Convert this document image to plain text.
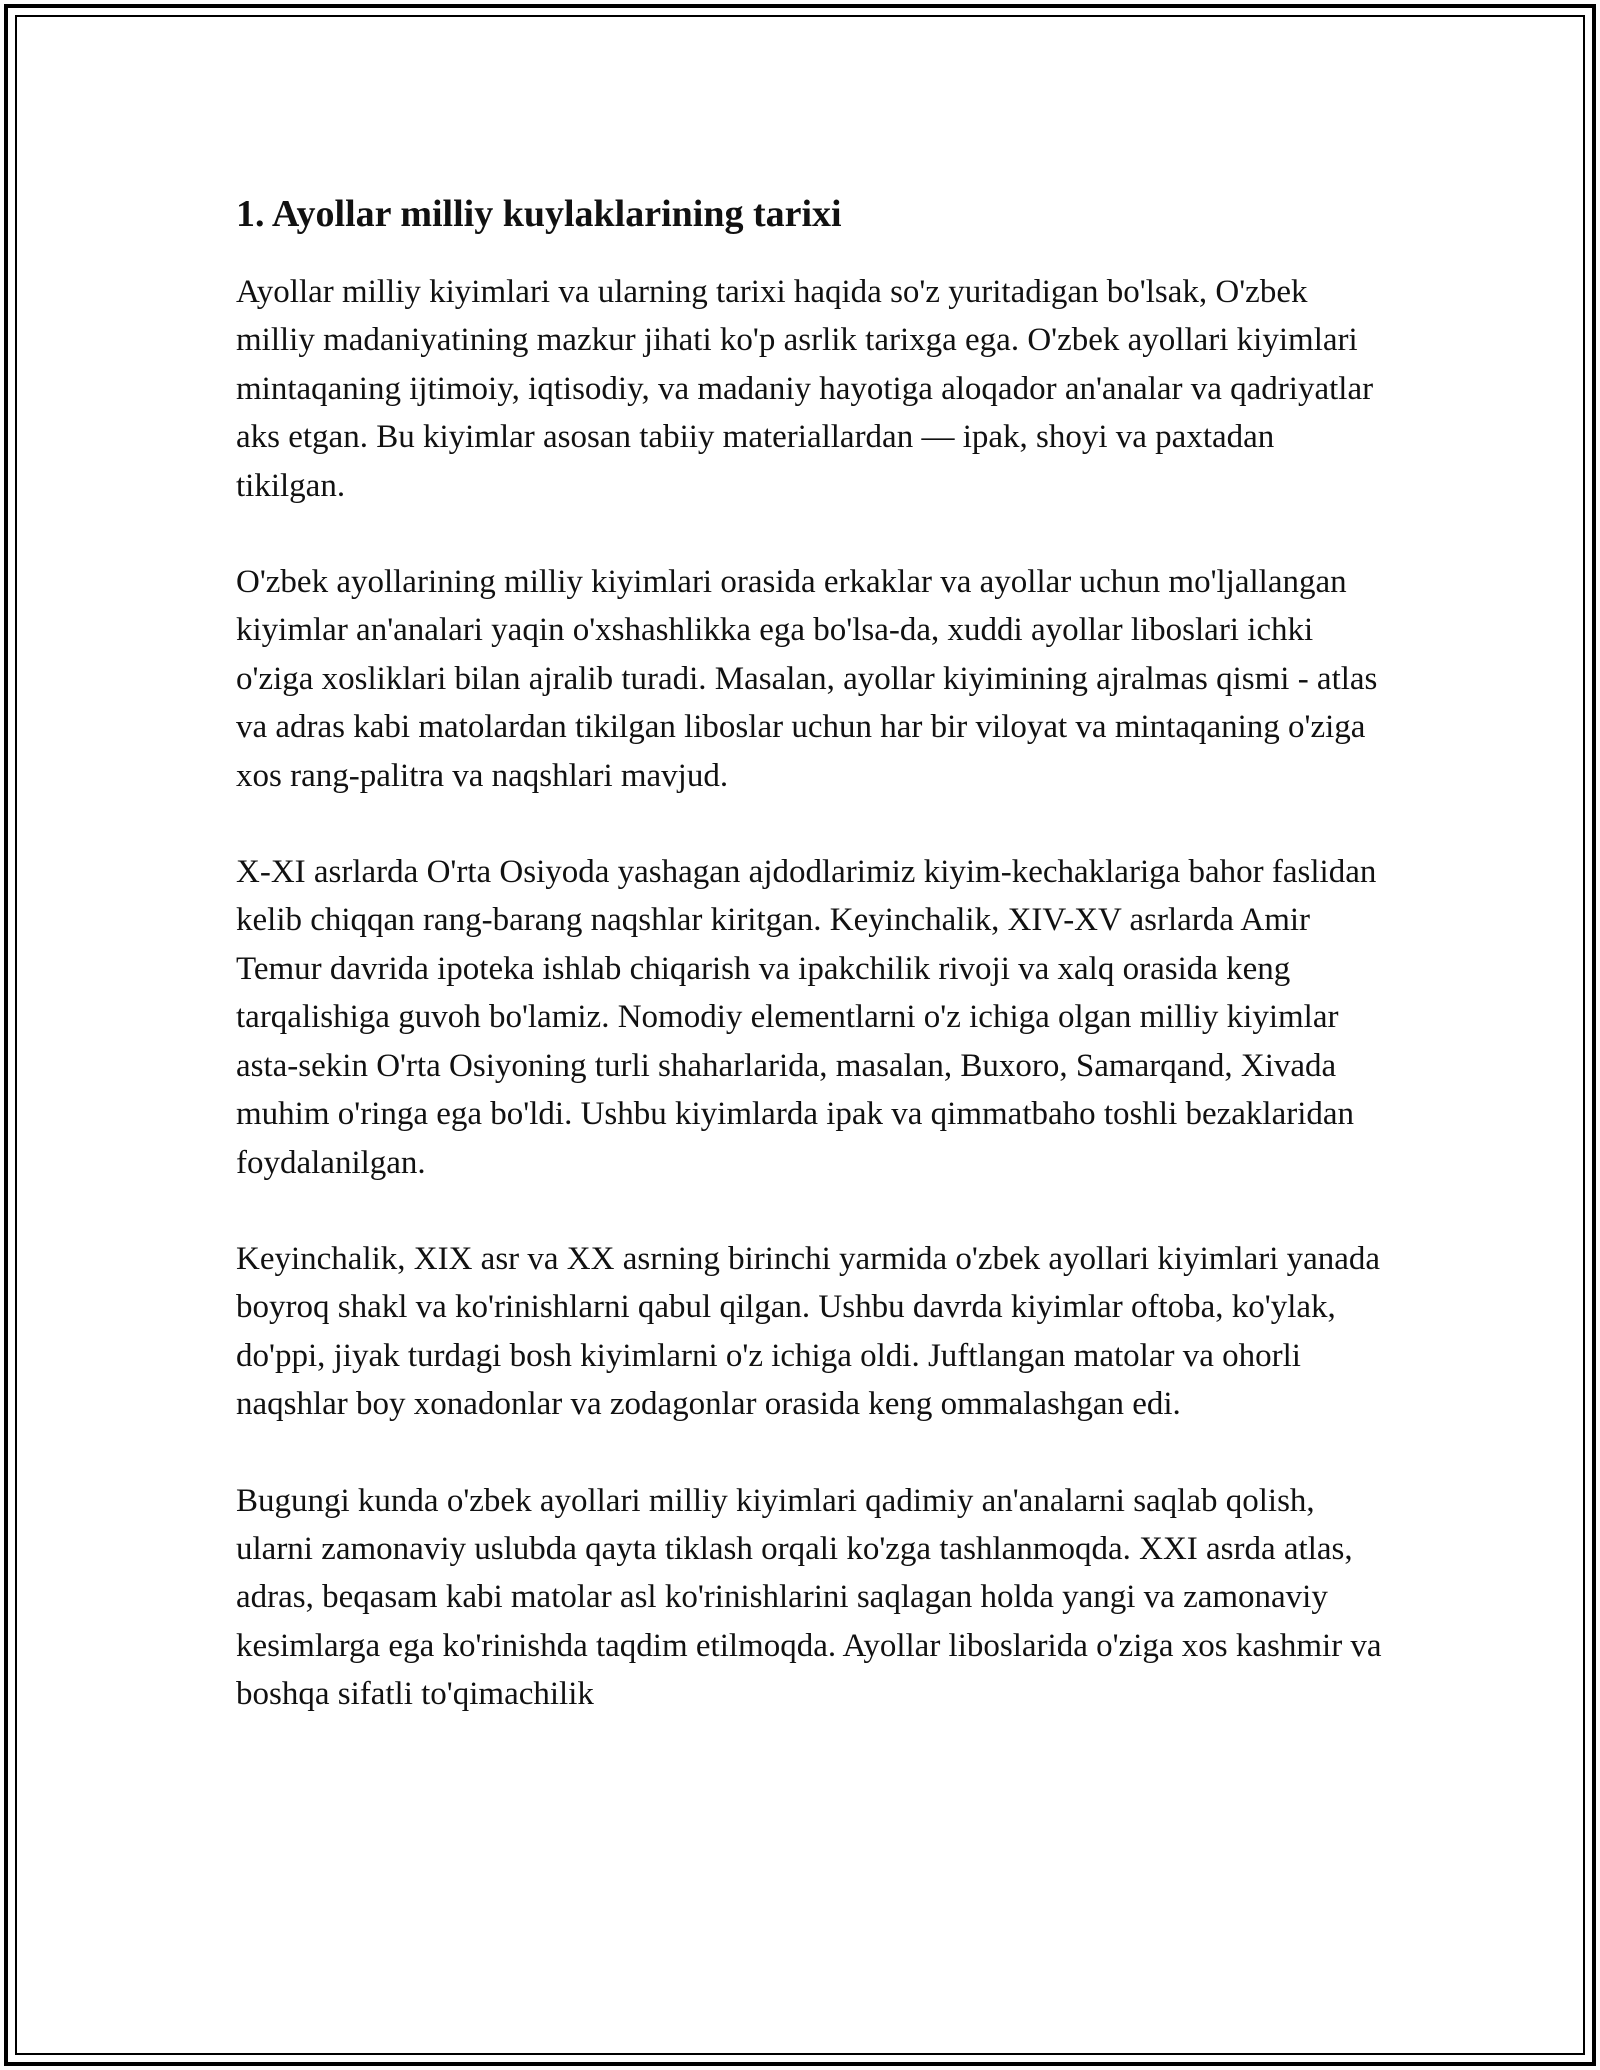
1. Ayollar milliy kuylaklarining tarixi

Ayollar milliy kiyimlari va ularning tarixi haqida so'z yuritadigan bo'lsak, O'zbek milliy madaniyatining mazkur jihati ko'p asrlik tarixga ega. O'zbek ayollari kiyimlari mintaqaning ijtimoiy, iqtisodiy, va madaniy hayotiga aloqador an'analar va qadriyatlar aks etgan. Bu kiyimlar asosan tabiiy materiallardan — ipak, shoyi va paxtadan tikilgan.

O'zbek ayollarining milliy kiyimlari orasida erkaklar va ayollar uchun mo'ljallangan kiyimlar an'analari yaqin o'xshashlikka ega bo'lsa-da, xuddi ayollar liboslari ichki o'ziga xosliklari bilan ajralib turadi. Masalan, ayollar kiyimining ajralmas qismi - atlas va adras kabi matolardan tikilgan liboslar uchun har bir viloyat va mintaqaning o'ziga xos rang-palitra va naqshlari mavjud.

X-XI asrlarda O'rta Osiyoda yashagan ajdodlarimiz kiyim-kechaklariga bahor faslidan kelib chiqqan rang-barang naqshlar kiritgan. Keyinchalik, XIV-XV asrlarda Amir Temur davrida ipoteka ishlab chiqarish va ipakchilik rivoji va xalq orasida keng tarqalishiga guvoh bo'lamiz. Nomodiy elementlarni o'z ichiga olgan milliy kiyimlar asta-sekin O'rta Osiyoning turli shaharlarida, masalan, Buxoro, Samarqand, Xivada muhim o'ringa ega bo'ldi. Ushbu kiyimlarda ipak va qimmatbaho toshli bezaklaridan foydalanilgan.

Keyinchalik, XIX asr va XX asrning birinchi yarmida o'zbek ayollari kiyimlari yanada boyroq shakl va ko'rinishlarni qabul qilgan. Ushbu davrda kiyimlar oftoba, ko'ylak, do'ppi, jiyak turdagi bosh kiyimlarni o'z ichiga oldi. Juftlangan matolar va ohorli naqshlar boy xonadonlar va zodagonlar orasida keng ommalashgan edi.

Bugungi kunda o'zbek ayollari milliy kiyimlari qadimiy an'analarni saqlab qolish, ularni zamonaviy uslubda qayta tiklash orqali ko'zga tashlanmoqda. XXI asrda atlas, adras, beqasam kabi matolar asl ko'rinishlarini saqlagan holda yangi va zamonaviy kesimlarga ega ko'rinishda taqdim etilmoqda. Ayollar liboslarida o'ziga xos kashmir va boshqa sifatli to'qimachilik
